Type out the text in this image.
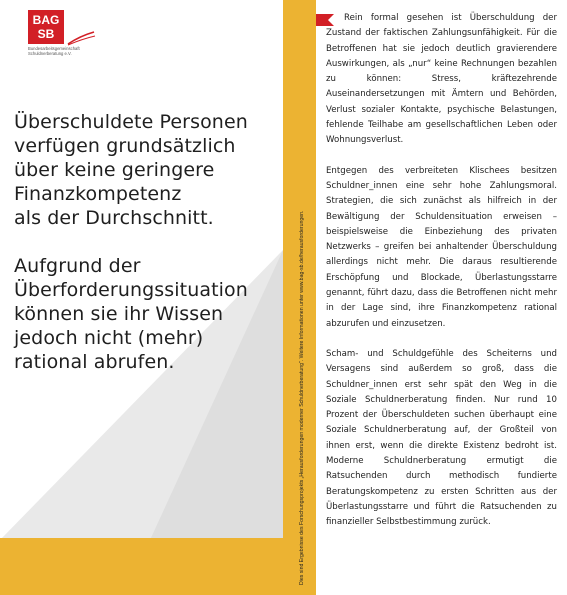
BAG
SB
Bundesarbeitsgemeinschaft Schuldnerberatung e.V.

Überschuldete Personen
verfügen grundsätzlich
über keine geringere
Finanzkompetenz
als der Durchschnitt.

Aufgrund der
Überforderungssituation
können sie ihr Wissen
jedoch nicht (mehr)
rational abrufen.	Dies sind Ergebnisse des Forschungsprojekts „Herausforderungen moderner Schuldnerberatung“. Weitere Informationen unter www.bag-sb.de/herausforderungen.

Rein formal gesehen ist Überschuldung der Zustand der faktischen Zahlungsunfähigkeit. Für die Betroffenen hat sie jedoch deutlich gravierendere Auswirkungen, als „nur“ keine Rechnungen bezahlen zu können: Stress, kräftezehrende Auseinandersetzungen mit Ämtern und Behörden, Verlust sozialer Kontakte, psychische Belastungen, fehlende Teilhabe am gesellschaftlichen Leben oder Wohnungsverlust.

Entgegen des verbreiteten Klischees besitzen Schuldner_innen eine sehr hohe Zahlungsmoral. Strategien, die sich zunächst als hilfreich in der Bewältigung der Schuldensituation erweisen – beispielsweise die Einbeziehung des privaten Netzwerks – greifen bei anhaltender Überschuldung allerdings nicht mehr. Die daraus resultierende Erschöpfung und Blockade, Überlastungsstarre genannt, führt dazu, dass die Betroffenen nicht mehr in der Lage sind, ihre Finanzkompetenz rational abzurufen und einzusetzen.

Scham- und Schuldgefühle des Scheiterns und Versagens sind außerdem so groß, dass die Schuldner_innen erst sehr spät den Weg in die Soziale Schuldnerberatung finden. Nur rund 10 Prozent der Überschuldeten suchen überhaupt eine Soziale Schuldnerberatung auf, der Großteil von ihnen erst, wenn die direkte Existenz bedroht ist. Moderne Schuldnerberatung ermutigt die Ratsuchenden durch methodisch fundierte Beratungskompetenz zu ersten Schritten aus der Überlastungsstarre und führt die Ratsuchenden zu finanzieller Selbstbestimmung zurück.
